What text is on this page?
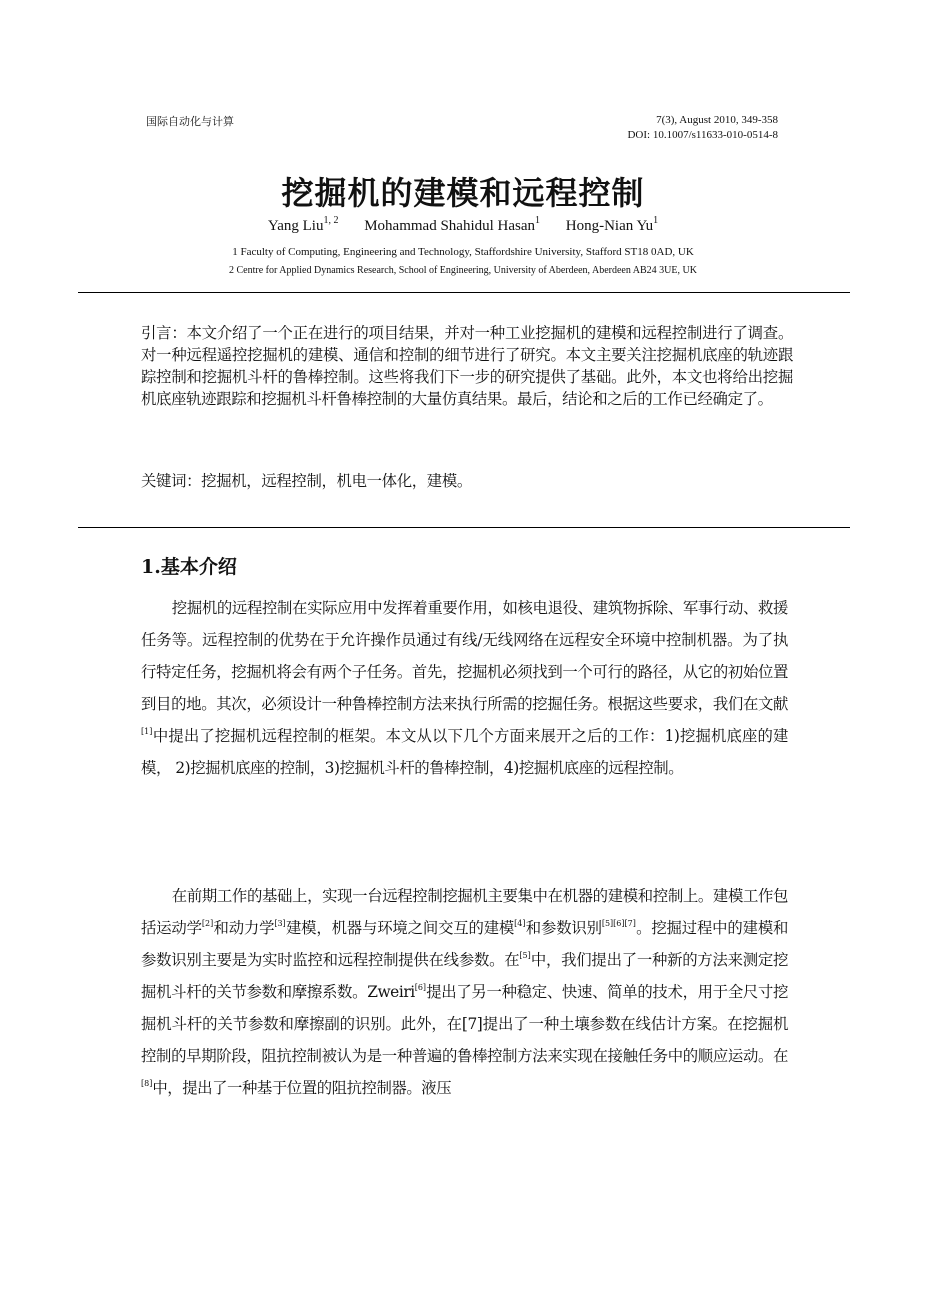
国际自动化与计算	7(3), August 2010, 349-358
DOI: 10.1007/s11633-010-0514-8
挖掘机的建模和远程控制
Yang Liu$^{1, 2}$ Mohammad Shahidul Hasan$^1$ Hong-Nian Yu$^1$
1 Faculty of Computing, Engineering and Technology, Staffordshire University, Stafford ST18 0AD, UK
2 Centre for Applied Dynamics Research, School of Engineering, University of Aberdeen, Aberdeen AB24 3UE, UK
引言：本文介绍了一个正在进行的项目结果，并对一种工业挖掘机的建模和远程控制进行了调查。对一种远程遥控挖掘机的建模、通信和控制的细节进行了研究。本文主要关注挖掘机底座的轨迹跟踪控制和挖掘机斗杆的鲁棒控制。这些将我们下一步的研究提供了基础。此外，本文也将给出挖掘机底座轨迹跟踪和挖掘机斗杆鲁棒控制的大量仿真结果。最后，结论和之后的工作已经确定了。
关键词：挖掘机，远程控制，机电一体化，建模。
1.基本介绍

挖掘机的远程控制在实际应用中发挥着重要作用，如核电退役、建筑物拆除、军事行动、救援任务等。远程控制的优势在于允许操作员通过有线/无线网络在远程安全环境中控制机器。为了执行特定任务，挖掘机将会有两个子任务。首先，挖掘机必须找到一个可行的路径，从它的初始位置到目的地。其次，必须设计一种鲁棒控制方法来执行所需的挖掘任务。根据这些要求，我们在文献[1]中提出了挖掘机远程控制的框架。本文从以下几个方面来展开之后的工作：1)挖掘机底座的建模， 2)挖掘机底座的控制，3)挖掘机斗杆的鲁棒控制，4)挖掘机底座的远程控制。

在前期工作的基础上，实现一台远程控制挖掘机主要集中在机器的建模和控制上。建模工作包括运动学[2]和动力学[3]建模，机器与环境之间交互的建模[4]和参数识别[5][6][7]。挖掘过程中的建模和参数识别主要是为实时监控和远程控制提供在线参数。在[5]中，我们提出了一种新的方法来测定挖掘机斗杆的关节参数和摩擦系数。Zweiri[6]提出了另一种稳定、快速、简单的技术，用于全尺寸挖掘机斗杆的关节参数和摩擦副的识别。此外，在[7]提出了一种土壤参数在线估计方案。在挖掘机控制的早期阶段，阻抗控制被认为是一种普遍的鲁棒控制方法来实现在接触任务中的顺应运动。在[8]中，提出了一种基于位置的阻抗控制器。液压
